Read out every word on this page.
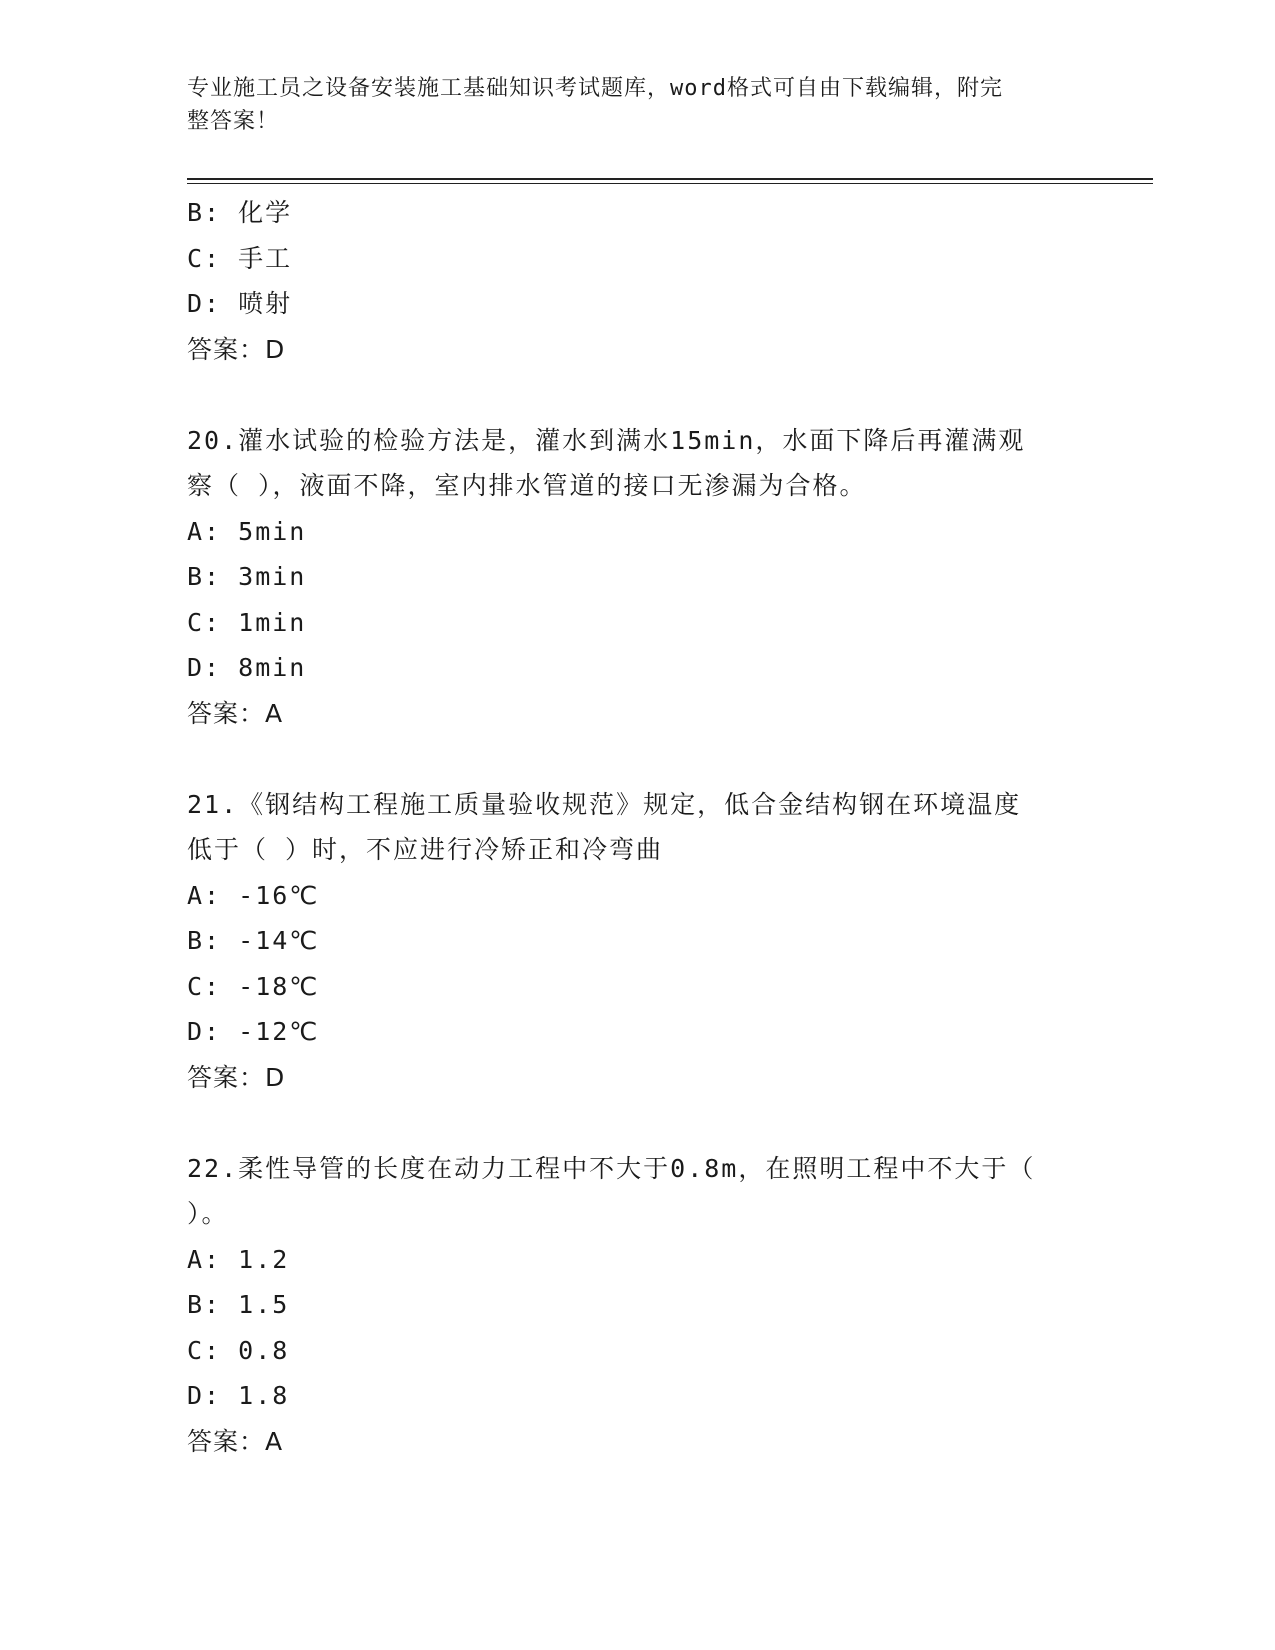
专业施工员之设备安装施工基础知识考试题库，word格式可自由下载编辑，附完
整答案！
B: 化学
C: 手工
D: 喷射
答案：D
20.灌水试验的检验方法是，灌水到满水15min，水面下降后再灌满观
察（ ），液面不降，室内排水管道的接口无渗漏为合格。
A: 5min
B: 3min
C: 1min
D: 8min
答案：A
21.《钢结构工程施工质量验收规范》规定，低合金结构钢在环境温度
低于（ ）时，不应进行冷矫正和冷弯曲
A: -16℃
B: -14℃
C: -18℃
D: -12℃
答案：D
22.柔性导管的长度在动力工程中不大于0.8m，在照明工程中不大于（
）。
A: 1.2
B: 1.5
C: 0.8
D: 1.8
答案：A
